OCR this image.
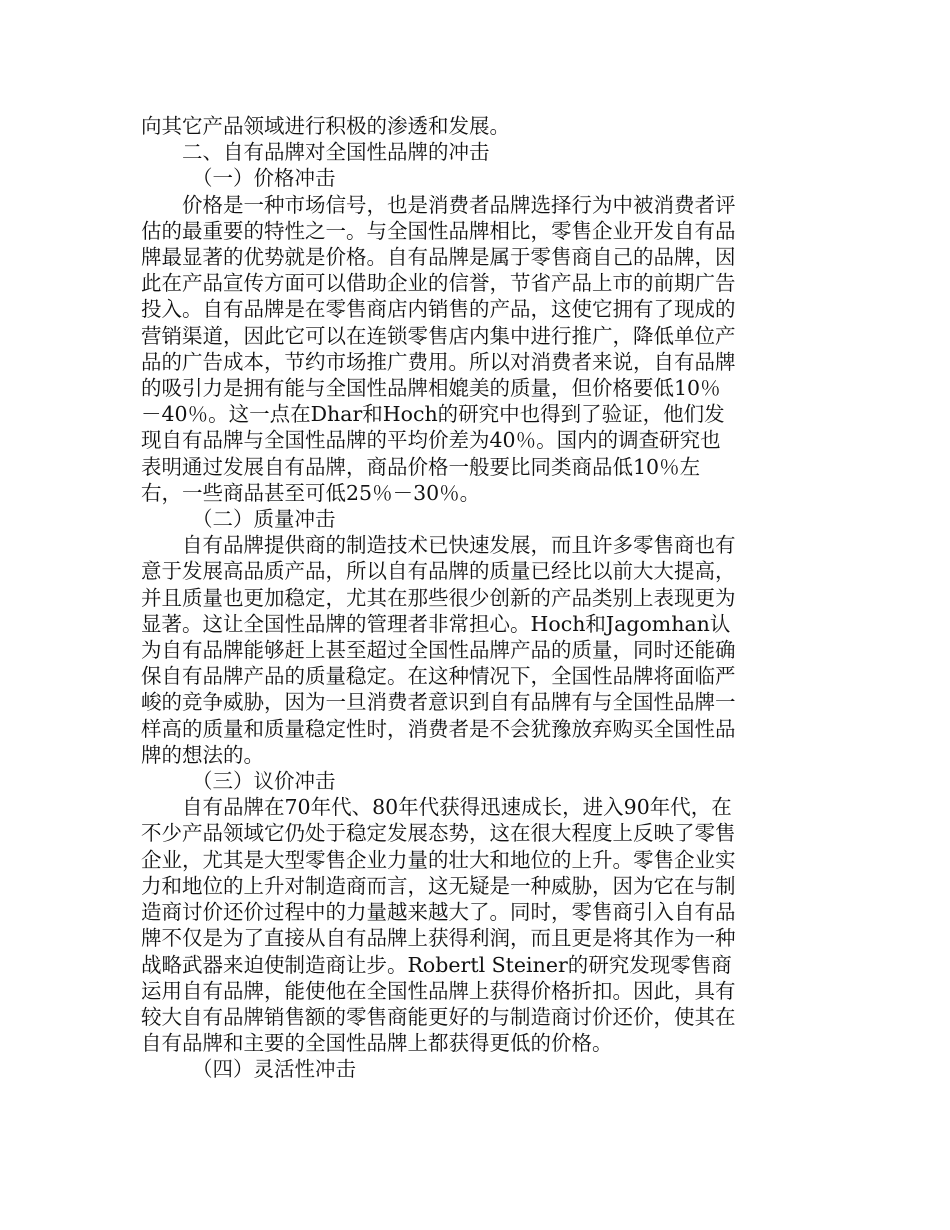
向其它产品领域进行积极的渗透和发展。

二、自有品牌对全国性品牌的冲击

（一）价格冲击

价格是一种市场信号，也是消费者品牌选择行为中被消费者评估的最重要的特性之一。与全国性品牌相比，零售企业开发自有品牌最显著的优势就是价格。自有品牌是属于零售商自己的品牌，因此在产品宣传方面可以借助企业的信誉，节省产品上市的前期广告投入。自有品牌是在零售商店内销售的产品，这使它拥有了现成的营销渠道，因此它可以在连锁零售店内集中进行推广，降低单位产品的广告成本，节约市场推广费用。所以对消费者来说，自有品牌的吸引力是拥有能与全国性品牌相媲美的质量，但价格要低10％－40％。这一点在Dhar和Hoch的研究中也得到了验证，他们发现自有品牌与全国性品牌的平均价差为40％。国内的调查研究也表明通过发展自有品牌，商品价格一般要比同类商品低10％左右，一些商品甚至可低25％－30％。

（二）质量冲击

自有品牌提供商的制造技术已快速发展，而且许多零售商也有意于发展高品质产品，所以自有品牌的质量已经比以前大大提高，并且质量也更加稳定，尤其在那些很少创新的产品类别上表现更为显著。这让全国性品牌的管理者非常担心。Hoch和Jagomhan认为自有品牌能够赶上甚至超过全国性品牌产品的质量，同时还能确保自有品牌产品的质量稳定。在这种情况下，全国性品牌将面临严峻的竞争威胁，因为一旦消费者意识到自有品牌有与全国性品牌一样高的质量和质量稳定性时，消费者是不会犹豫放弃购买全国性品牌的想法的。

（三）议价冲击

自有品牌在70年代、80年代获得迅速成长，进入90年代，在不少产品领域它仍处于稳定发展态势，这在很大程度上反映了零售企业，尤其是大型零售企业力量的壮大和地位的上升。零售企业实力和地位的上升对制造商而言，这无疑是一种威胁，因为它在与制造商讨价还价过程中的力量越来越大了。同时，零售商引入自有品牌不仅是为了直接从自有品牌上获得利润，而且更是将其作为一种战略武器来迫使制造商让步。Robertl Steiner的研究发现零售商运用自有品牌，能使他在全国性品牌上获得价格折扣。因此，具有较大自有品牌销售额的零售商能更好的与制造商讨价还价，使其在自有品牌和主要的全国性品牌上都获得更低的价格。

（四）灵活性冲击
